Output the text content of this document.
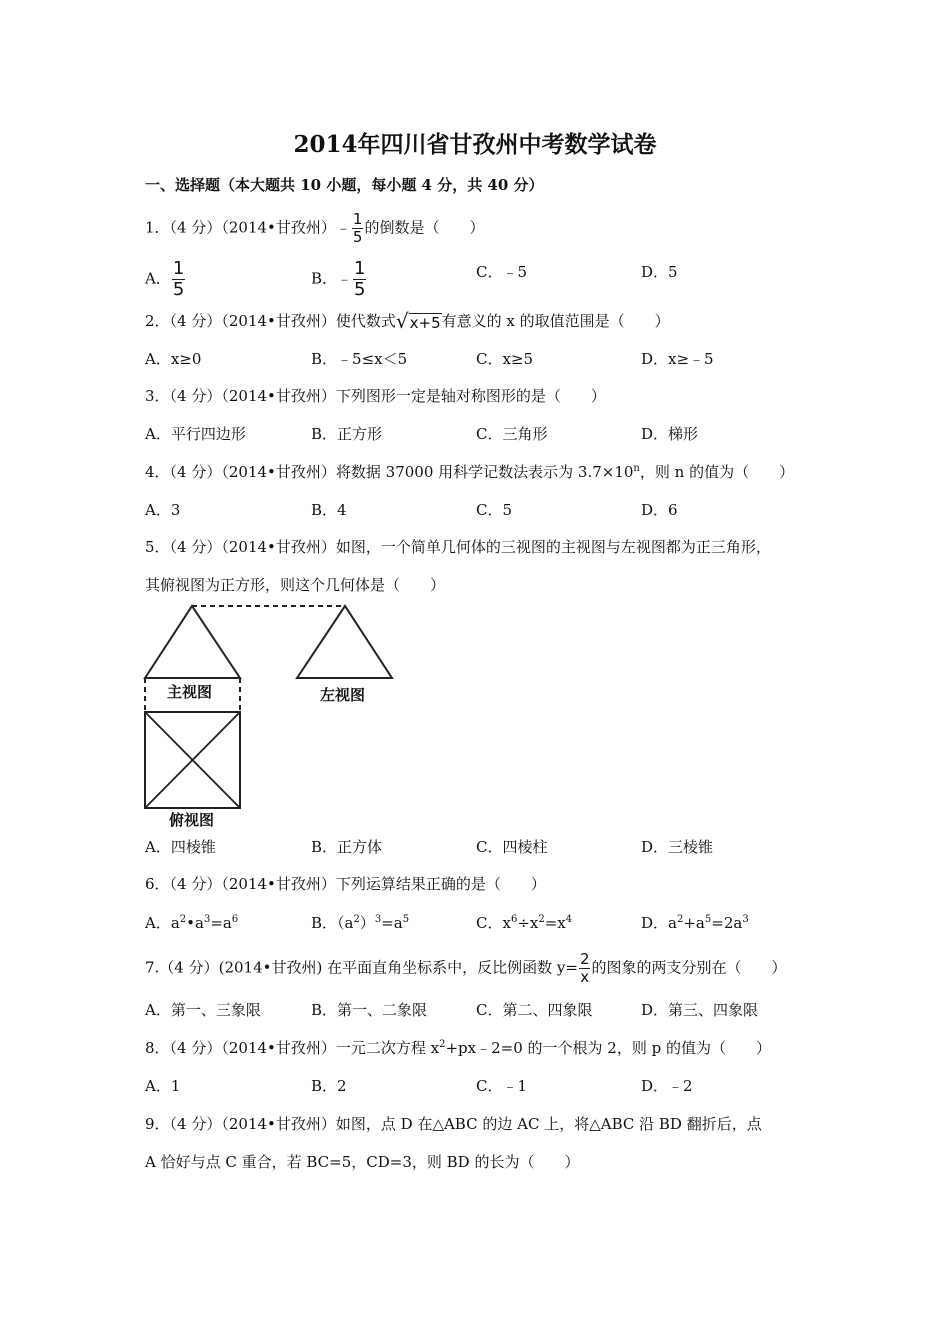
2014年四川省甘孜州中考数学试卷
一、选择题（本大题共 10 小题，每小题 4 分，共 40 分）
1．（4 分）（2014•甘孜州）﹣ $\frac{1}{5}$ 的倒数是（　　）
A． $\frac{1}{5}$	B．﹣ $\frac{1}{5}$	C．﹣5	D．5
2．（4 分）（2014•甘孜州）使代数式√x+5有意义的 x 的取值范围是（　　）
A．x≥0	B．﹣5≤x＜5	C．x≥5	D．x≥﹣5
3．（4 分）（2014•甘孜州）下列图形一定是轴对称图形的是（　　）
A．平行四边形	B．正方形	C．三角形	D．梯形
4．（4 分）（2014•甘孜州）将数据 37000 用科学记数法表示为 $3.7\times 10^n$，则 n 的值为（　　）
A．3	B．4	C．5	D．6
5．（4 分）（2014•甘孜州）如图，一个简单几何体的三视图的主视图与左视图都为正三角形，
其俯视图为正方形，则这个几何体是（　　）
主视图	左视图
俯视图
A．四棱锥	B．正方体	C．四棱柱	D．三棱锥
6．（4 分）（2014•甘孜州）下列运算结果正确的是（　　）
A．$a^2•a^3=a^6$	B．$(a^2)^3=a^5$	C．$x^6\div x^2=x^4$	D．$a^2+a^5=2a^3$
7.（4 分）(2014•甘孜州) 在平面直角坐标系中，反比例函数 $y= \frac{2}{x}$ 的图象的两支分别在（　　）
A．第一、三象限	B．第一、二象限	C．第二、四象限	D．第三、四象限
8．（4 分）（2014•甘孜州）一元二次方程 $x^2+px﹣2=0$ 的一个根为 2，则 p 的值为（　　）
A．1	B．2	C．﹣1	D．﹣2
9．（4 分）（2014•甘孜州）如图，点 D 在△ABC 的边 AC 上，将△ABC 沿 BD 翻折后，点
A 恰好与点 C 重合，若 BC=5，CD=3，则 BD 的长为（　　）
